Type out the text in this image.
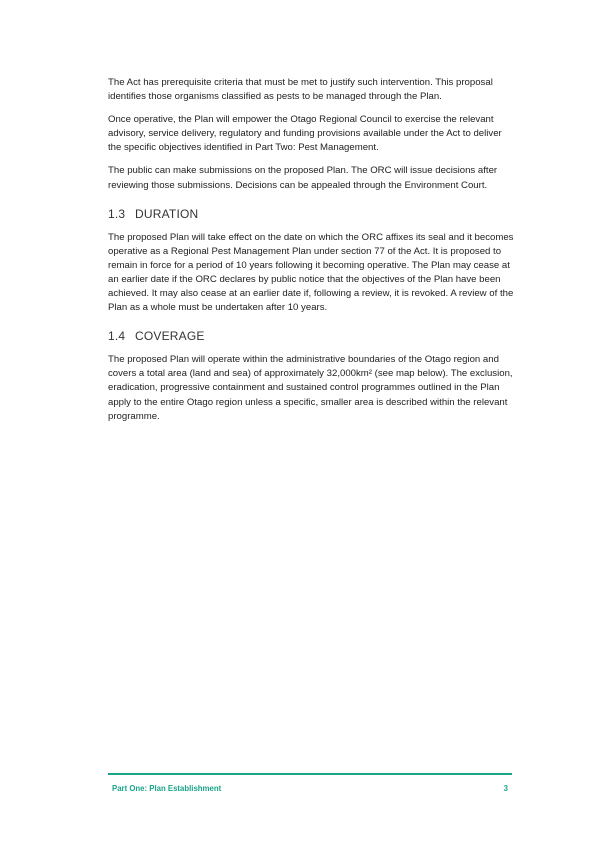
The Act has prerequisite criteria that must be met to justify such intervention. This proposal identifies those organisms classified as pests to be managed through the Plan.

Once operative, the Plan will empower the Otago Regional Council to exercise the relevant advisory, service delivery, regulatory and funding provisions available under the Act to deliver the specific objectives identified in Part Two: Pest Management.

The public can make submissions on the proposed Plan. The ORC will issue decisions after reviewing those submissions. Decisions can be appealed through the Environment Court.

1.3 DURATION

The proposed Plan will take effect on the date on which the ORC affixes its seal and it becomes operative as a Regional Pest Management Plan under section 77 of the Act. It is proposed to remain in force for a period of 10 years following it becoming operative. The Plan may cease at an earlier date if the ORC declares by public notice that the objectives of the Plan have been achieved. It may also cease at an earlier date if, following a review, it is revoked. A review of the Plan as a whole must be undertaken after 10 years.

1.4 COVERAGE

The proposed Plan will operate within the administrative boundaries of the Otago region and covers a total area (land and sea) of approximately 32,000km² (see map below). The exclusion, eradication, progressive containment and sustained control programmes outlined in the Plan apply to the entire Otago region unless a specific, smaller area is described within the relevant programme.

Part One: Plan Establishment	3
